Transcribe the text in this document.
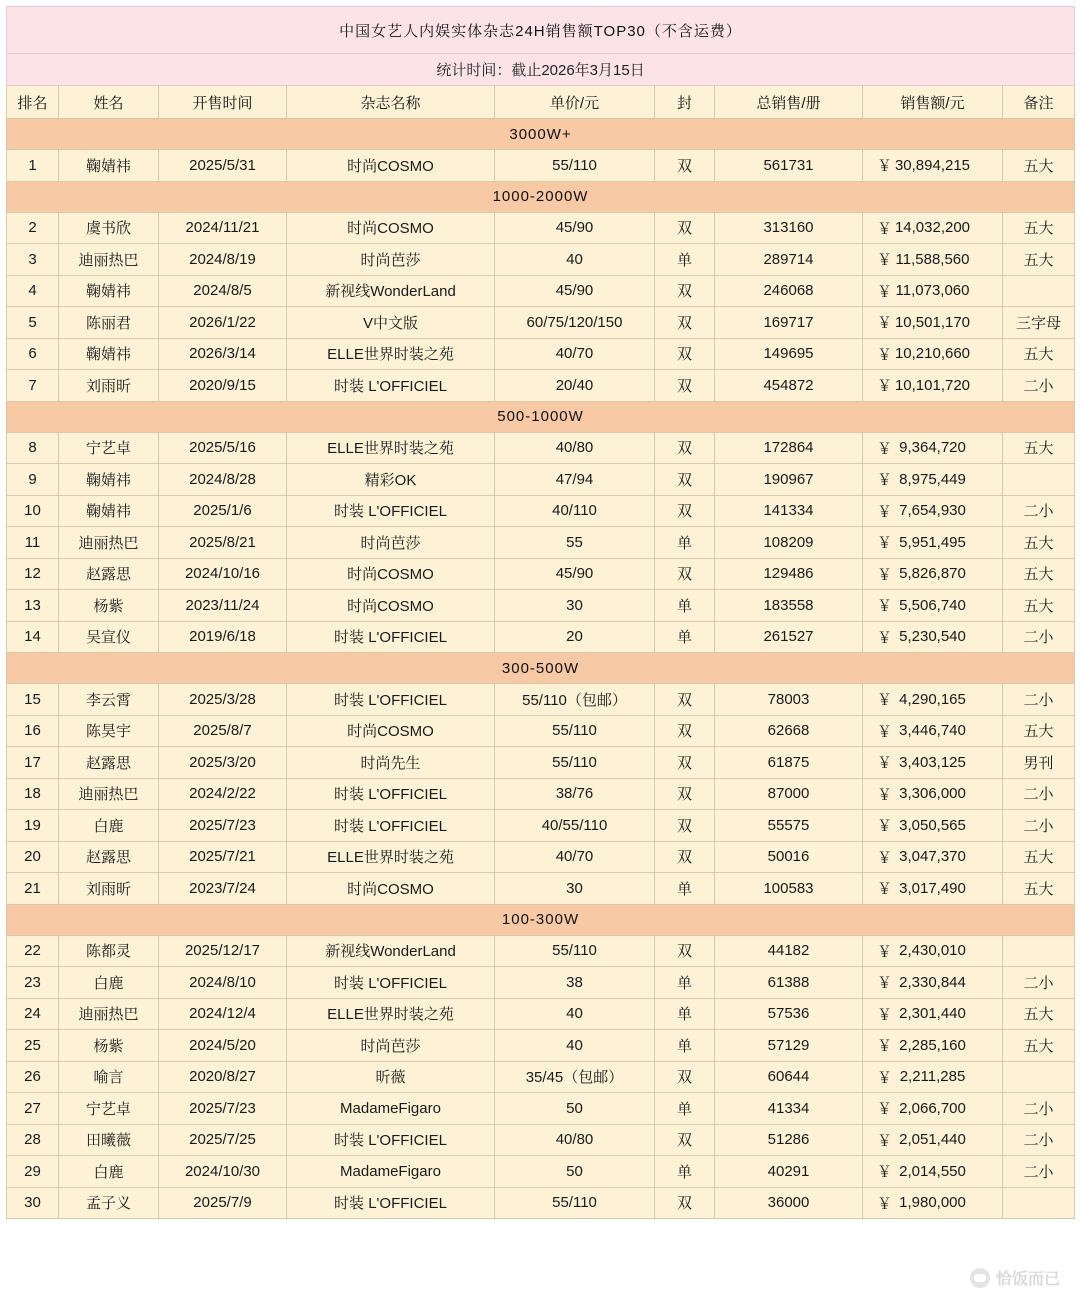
中国女艺人内娱实体杂志24H销售额TOP30（不含运费）								
统计时间：截止2026年3月15日								
排名	姓名	开售时间	杂志名称	单价/元	封	总销售/册	销售额/元	备注
3000W+								
1	鞠婧祎	2025/5/31	时尚COSMO	55/110	双	561731	￥ 30,894,215	五大
1000-2000W								
2	虞书欣	2024/11/21	时尚COSMO	45/90	双	313160	￥ 14,032,200	五大
3	迪丽热巴	2024/8/19	时尚芭莎	40	单	289714	￥ 11,588,560	五大
4	鞠婧祎	2024/8/5	新视线WonderLand	45/90	双	246068	￥ 11,073,060	
5	陈丽君	2026/1/22	V中文版	60/75/120/150	双	169717	￥ 10,501,170	三字母
6	鞠婧祎	2026/3/14	ELLE世界时装之苑	40/70	双	149695	￥ 10,210,660	五大
7	刘雨昕	2020/9/15	时装 L'OFFICIEL	20/40	双	454872	￥ 10,101,720	二小
500-1000W								
8	宁艺卓	2025/5/16	ELLE世界时装之苑	40/80	双	172864	￥ 9,364,720	五大
9	鞠婧祎	2024/8/28	精彩OK	47/94	双	190967	￥ 8,975,449	
10	鞠婧祎	2025/1/6	时装 L'OFFICIEL	40/110	双	141334	￥ 7,654,930	二小
11	迪丽热巴	2025/8/21	时尚芭莎	55	单	108209	￥ 5,951,495	五大
12	赵露思	2024/10/16	时尚COSMO	45/90	双	129486	￥ 5,826,870	五大
13	杨紫	2023/11/24	时尚COSMO	30	单	183558	￥ 5,506,740	五大
14	吴宣仪	2019/6/18	时装 L'OFFICIEL	20	单	261527	￥ 5,230,540	二小
300-500W								
15	李云霄	2025/3/28	时装 L'OFFICIEL	55/110（包邮）	双	78003	￥ 4,290,165	二小
16	陈昊宇	2025/8/7	时尚COSMO	55/110	双	62668	￥ 3,446,740	五大
17	赵露思	2025/3/20	时尚先生	55/110	双	61875	￥ 3,403,125	男刊
18	迪丽热巴	2024/2/22	时装 L'OFFICIEL	38/76	双	87000	￥ 3,306,000	二小
19	白鹿	2025/7/23	时装 L'OFFICIEL	40/55/110	双	55575	￥ 3,050,565	二小
20	赵露思	2025/7/21	ELLE世界时装之苑	40/70	双	50016	￥ 3,047,370	五大
21	刘雨昕	2023/7/24	时尚COSMO	30	单	100583	￥ 3,017,490	五大
100-300W								
22	陈都灵	2025/12/17	新视线WonderLand	55/110	双	44182	￥ 2,430,010	
23	白鹿	2024/8/10	时装 L'OFFICIEL	38	单	61388	￥ 2,330,844	二小
24	迪丽热巴	2024/12/4	ELLE世界时装之苑	40	单	57536	￥ 2,301,440	五大
25	杨紫	2024/5/20	时尚芭莎	40	单	57129	￥ 2,285,160	五大
26	喻言	2020/8/27	昕薇	35/45（包邮）	双	60644	￥ 2,211,285	
27	宁艺卓	2025/7/23	MadameFigaro	50	单	41334	￥ 2,066,700	二小
28	田曦薇	2025/7/25	时装 L'OFFICIEL	40/80	双	51286	￥ 2,051,440	二小
29	白鹿	2024/10/30	MadameFigaro	50	单	40291	￥ 2,014,550	二小
30	孟子义	2025/7/9	时装 L'OFFICIEL	55/110	双	36000	￥ 1,980,000	
恰饭而已
